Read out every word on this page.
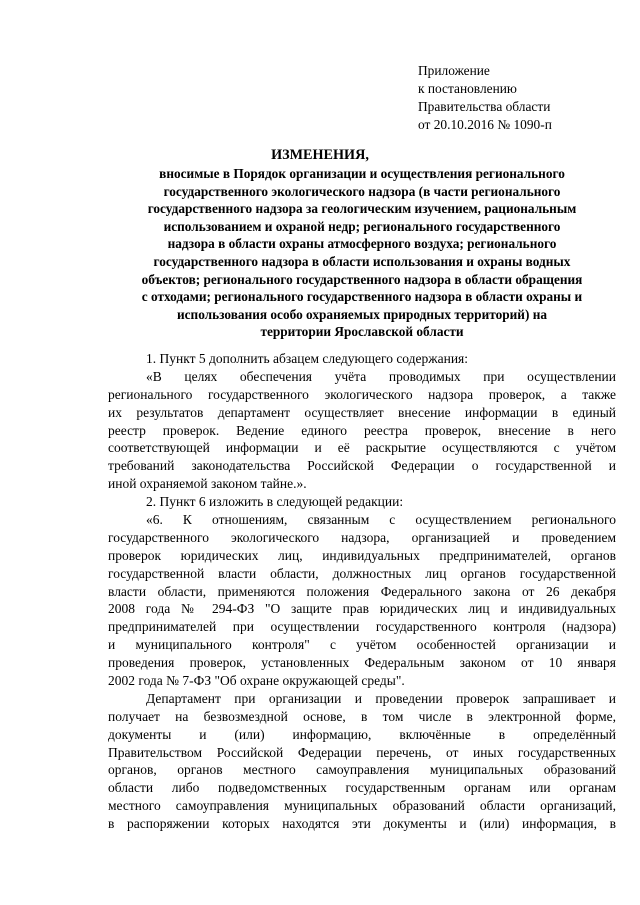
Приложение
к постановлению
Правительства области
от 20.10.2016 № 1090-п
ИЗМЕНЕНИЯ,
вносимые в Порядок организации и осуществления регионального
государственного экологического надзора (в части регионального
государственного надзора за геологическим изучением, рациональным
использованием и охраной недр; регионального государственного
надзора в области охраны атмосферного воздуха; регионального
государственного надзора в области использования и охраны водных
объектов; регионального государственного надзора в области обращения
с отходами; регионального государственного надзора в области охраны и
использования особо охраняемых природных территорий) на
территории Ярославской области
1. Пункт 5 дополнить абзацем следующего содержания:
«В целях обеспечения учёта проводимых при осуществлении
регионального государственного экологического надзора проверок, а также
их результатов департамент осуществляет внесение информации в единый
реестр проверок. Ведение единого реестра проверок, внесение в него
соответствующей информации и её раскрытие осуществляются с учётом
требований законодательства Российской Федерации о государственной и
иной охраняемой законом тайне.».
2. Пункт 6 изложить в следующей редакции:
«6. К отношениям, связанным с осуществлением регионального
государственного экологического надзора, организацией и проведением
проверок юридических лиц, индивидуальных предпринимателей, органов
государственной власти области, должностных лиц органов государственной
власти области, применяются положения Федерального закона от 26 декабря
2008 года № 294-ФЗ "О защите прав юридических лиц и индивидуальных
предпринимателей при осуществлении государственного контроля (надзора)
и муниципального контроля" с учётом особенностей организации и
проведения проверок, установленных Федеральным законом от 10 января
2002 года № 7-ФЗ "Об охране окружающей среды".
Департамент при организации и проведении проверок запрашивает и
получает на безвозмездной основе, в том числе в электронной форме,
документы и (или) информацию, включённые в определённый
Правительством Российской Федерации перечень, от иных государственных
органов, органов местного самоуправления муниципальных образований
области либо подведомственных государственным органам или органам
местного самоуправления муниципальных образований области организаций,
в распоряжении которых находятся эти документы и (или) информация, в
